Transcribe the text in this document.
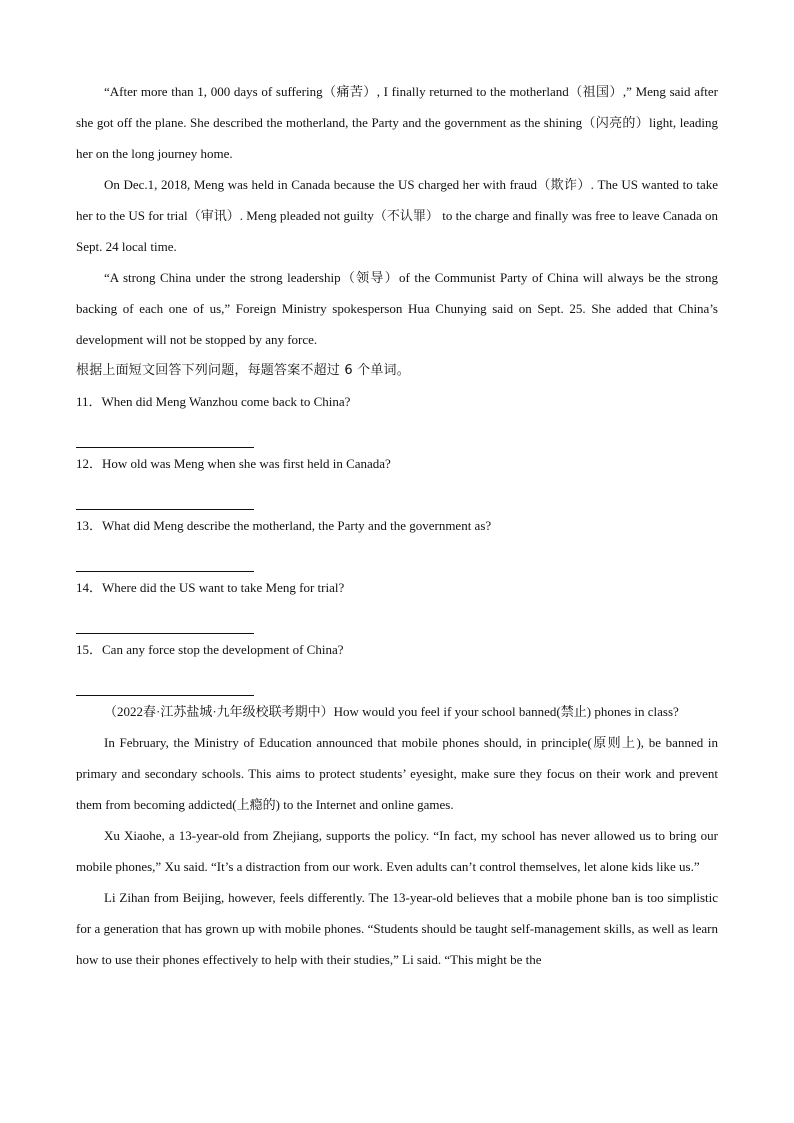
“After more than 1, 000 days of suffering（痛苦）, I finally returned to the motherland（祖国）,” Meng said after she got off the plane. She described the motherland, the Party and the government as the shining（闪亮的）light, leading her on the long journey home.

On Dec.1, 2018, Meng was held in Canada because the US charged her with fraud（欺诈）. The US wanted to take her to the US for trial（审讯）. Meng pleaded not guilty（不认罪） to the charge and finally was free to leave Canada on Sept. 24 local time.

“A strong China under the strong leadership（领导）of the Communist Party of China will always be the strong backing of each one of us,” Foreign Ministry spokesperson Hua Chunying said on Sept. 25. She added that China’s development will not be stopped by any force.

根据上面短文回答下列问题，每题答案不超过 6 个单词。

11．When did Meng Wanzhou come back to China?

12．How old was Meng when she was first held in Canada?

13．What did Meng describe the motherland, the Party and the government as?

14．Where did the US want to take Meng for trial?

15．Can any force stop the development of China?

（2022春·江苏盐城·九年级校联考期中）How would you feel if your school banned(禁止) phones in class?

In February, the Ministry of Education announced that mobile phones should, in principle(原则上), be banned in primary and secondary schools. This aims to protect students’ eyesight, make sure they focus on their work and prevent them from becoming addicted(上瘾的) to the Internet and online games.

Xu Xiaohe, a 13-year-old from Zhejiang, supports the policy. “In fact, my school has never allowed us to bring our mobile phones,” Xu said. “It’s a distraction from our work. Even adults can’t control themselves, let alone kids like us.”

Li Zihan from Beijing, however, feels differently. The 13-year-old believes that a mobile phone ban is too simplistic for a generation that has grown up with mobile phones. “Students should be taught self-management skills, as well as learn how to use their phones effectively to help with their studies,” Li said. “This might be the
